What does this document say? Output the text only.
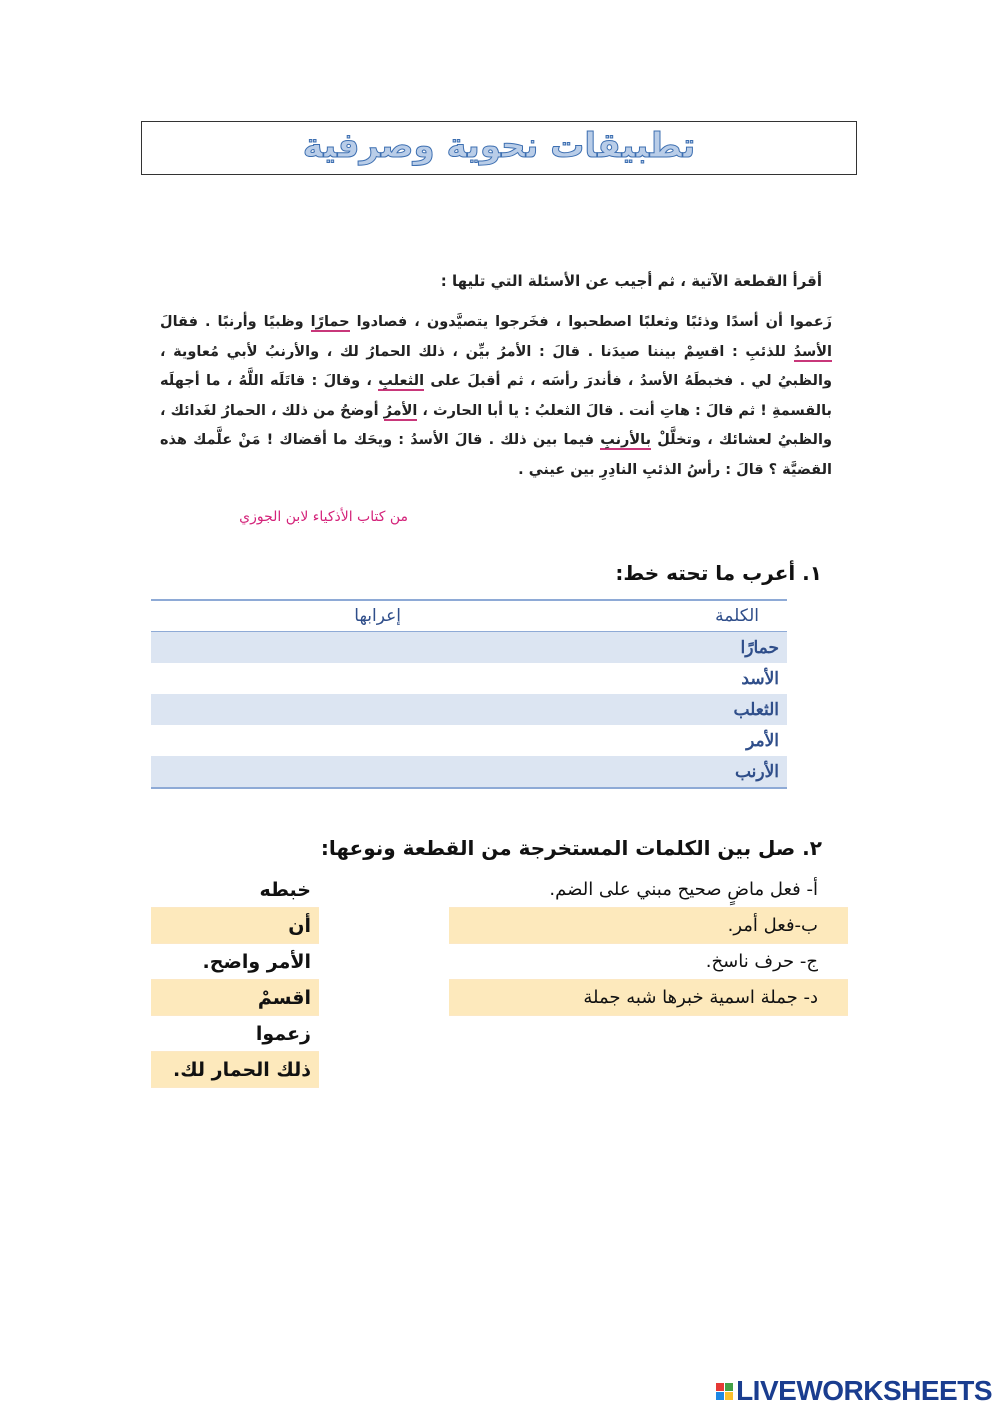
تطبيقات نحوية وصرفية
أقرأ القطعة الآتية ، ثم أجيب عن الأسئلة التي تليها :
زَعموا أن أسدًا وذئبًا وثعلبًا اصطحبوا ، فخَرجوا يتصيَّدون ، فصادوا حمارًا وظبيًا وأرنبًا . فقالَ الأسدُ للذئبِ : اقسِمْ بيننا صيدَنا . قالَ : الأمرُ بيِّن ، ذلك الحمارُ لك ، والأرنبُ لأبي مُعاوية ، والظبيُ لي . فخبطَهُ الأسدُ ، فأندرَ رأسَه ، ثم أقبلَ على الثعلبِ ، وقالَ : قاتَلَه اللَّهُ ، ما أجهلَه بالقسمةِ ! ثم قالَ : هاتِ أنت . قالَ الثعلبُ : يا أبا الحارث ، الأمرُ أوضحُ من ذلك ، الحمارُ لغَدائك ، والظبيُ لعشائك ، وتخلَّلْ بالأرنبِ فيما بين ذلك . قالَ الأسدُ : ويحَك ما أقضاك ! مَنْ علَّمك هذه القضيَّة ؟ قالَ : رأسُ الذئبِ النادِرِ بين عيني .
من كتاب الأذكياء لابن الجوزي
١. أعرب ما تحته خط:
الكلمة
إعرابها
حمارًا
الأسد
الثعلب
الأمر
الأرنب
٢. صل بين الكلمات المستخرجة من القطعة ونوعها:
خبطه
أن
الأمر واضح.
اقسمْ
زعموا
ذلك الحمار لك.
أ- فعل ماضٍ صحيح مبني على الضم.
ب-فعل أمر.
ج- حرف ناسخ.
د- جملة اسمية خبرها شبه جملة
LIVEWORKSHEETS
